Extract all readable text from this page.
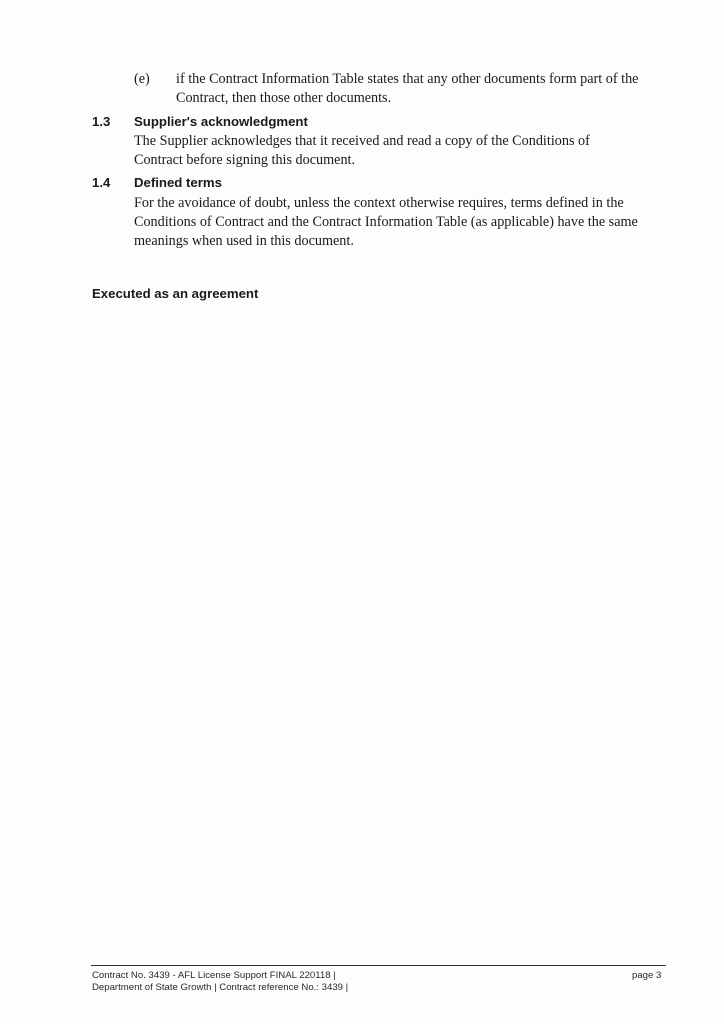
(e) if the Contract Information Table states that any other documents form part of the Contract, then those other documents.
1.3 Supplier's acknowledgment
The Supplier acknowledges that it received and read a copy of the Conditions of Contract before signing this document.
1.4 Defined terms
For the avoidance of doubt, unless the context otherwise requires, terms defined in the Conditions of Contract and the Contract Information Table (as applicable) have the same meanings when used in this document.
Executed as an agreement
Contract No. 3439 - AFL License Support FINAL 220118 |
Department of State Growth | Contract reference No.: 3439 |
page 3
